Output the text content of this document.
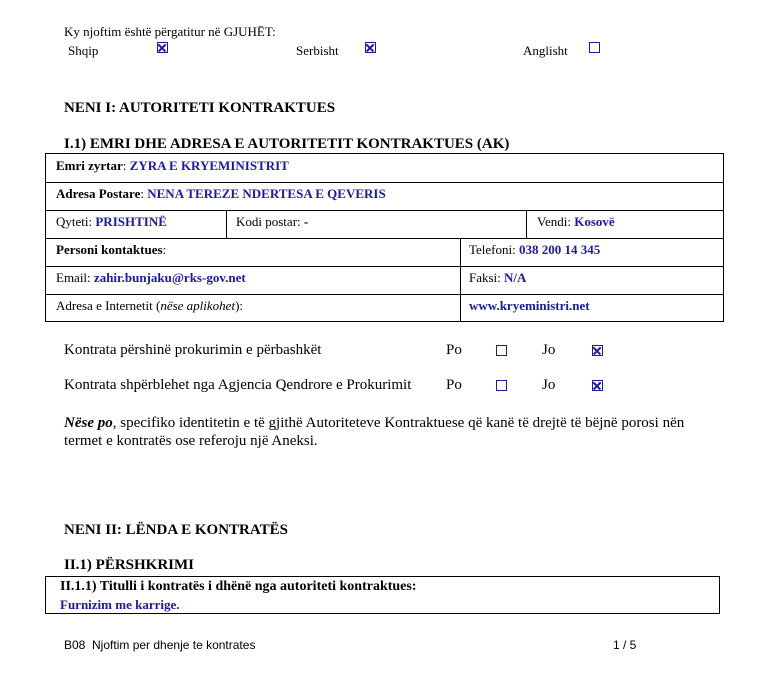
Ky njoftim është përgatitur në GJUHËT:
Shqip	Serbisht	Anglisht
NENI I: AUTORITETI KONTRAKTUES
I.1) EMRI DHE ADRESA E AUTORITETIT KONTRAKTUES (AK)
Emri zyrtar: ZYRA E KRYEMINISTRIT
Adresa Postare: NENA TEREZE NDERTESA E QEVERIS
Qyteti: PRISHTINË	Kodi postar: -	Vendi: Kosovë
Personi kontaktues:	Telefoni: 038 200 14 345
Email: zahir.bunjaku@rks-gov.net	Faksi: N/A
Adresa e Internetit (nëse aplikohet):	www.kryeministri.net
Kontrata përshinë prokurimin e përbashkët	Po	Jo
Kontrata shpërblehet nga Agjencia Qendrore e Prokurimit Po	Jo
Nëse po, specifiko identitetin e të gjithë Autoriteteve Kontraktuese që kanë të drejtë të bëjnë porosi nën termet e kontratës ose referoju një Aneksi.
NENI II: LËNDA E KONTRATËS
II.1) PËRSHKRIMI
II.1.1) Titulli i kontratës i dhënë nga autoriteti kontraktues:
Furnizim me karrige.
B08  Njoftim per dhenje te kontrates	1 / 5
